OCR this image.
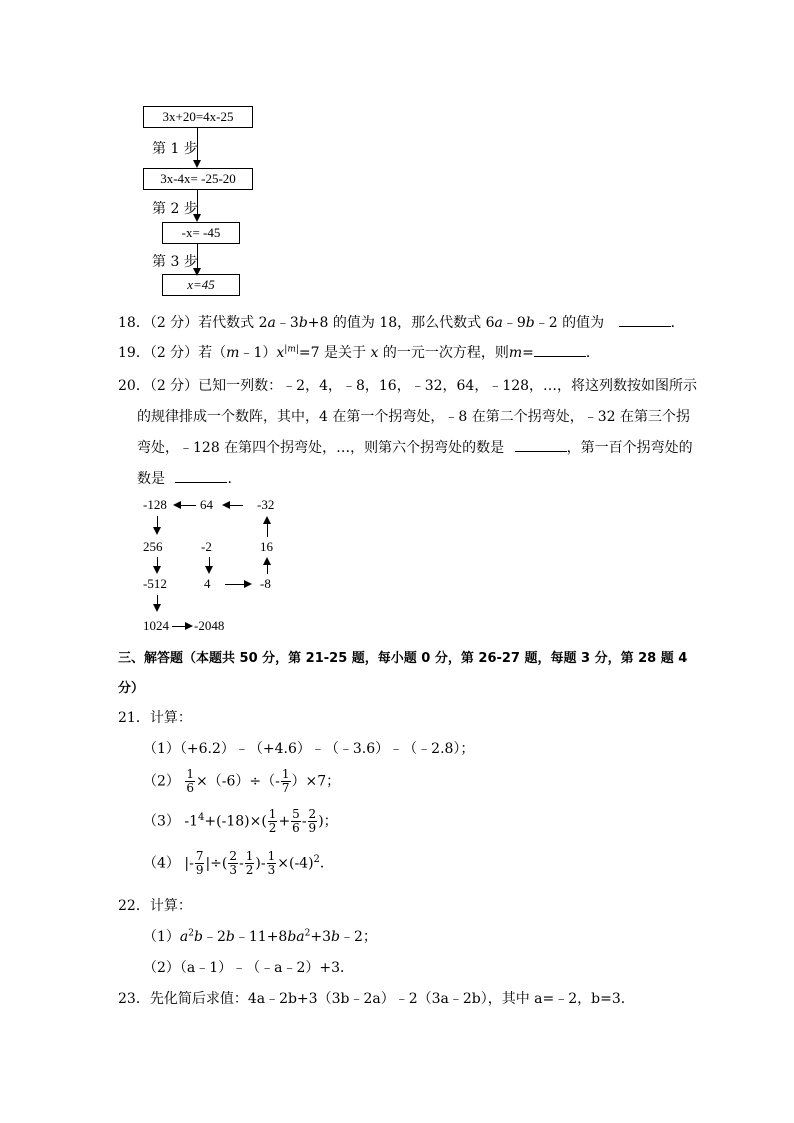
3x+20=4x-25
第 1 步
3x-4x= -25-20
第 2 步
-x= -45
第 3 步
x=45
18．（2 分）若代数式 2a﹣3b+8 的值为 18，那么代数式 6a﹣9b﹣2 的值为	．
19．（2 分）若$(m﹣1)x^{|m|}=7$ 是关于 x 的一元一次方程，则m=	．
20．（2 分）已知一列数：﹣2，4，﹣8，16，﹣32，64，﹣128，…，将这列数按如图所示
的规律排成一个数阵，其中，4 在第一个拐弯处，﹣8 在第二个拐弯处，﹣32 在第三个拐
弯处，﹣128 在第四个拐弯处，…，则第六个拐弯处的数是	，第一百个拐弯处的
数是	．
-128	64	-32
256	-2	16
-512	4	-8
1024 -2048
三、解答题（本题共 50 分，第 21-25 题，每小题 0 分，第 26-27 题，每题 3 分，第 28 题 4
分）
21．计算：
（1）（+6.2）﹣（+4.6）﹣（﹣3.6）﹣（﹣2.8）；
$(2) \frac{1}{6} \times(-6)\div(- \frac{1}{7} )\times 7$；
（3） $-1^4+(-18)\times( \frac{1}{2} + \frac{5}{6} - \frac{2}{9}$ )；
（4） |- $\frac{7}{9}$ |÷( $\frac{2}{3} - \frac{1}{2}$ )- $\frac{1}{3} \times(-4)^2$．
22．计算：
$(1)a^2b﹣2b﹣11+8ba^2+3b﹣2$；
（2）（a﹣1）﹣（﹣a﹣2）+3．
23．先化简后求值：4a﹣2b+3（3b﹣2a）﹣2（3a﹣2b），其中 a=﹣2，b=3．
